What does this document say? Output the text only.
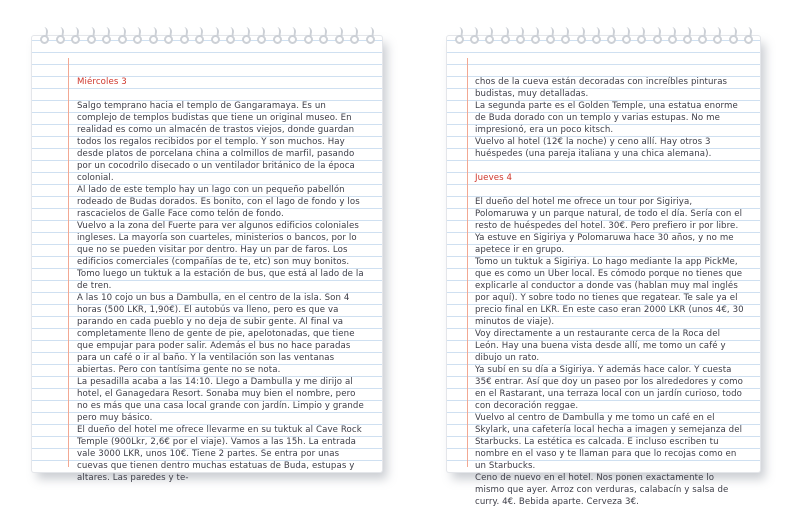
Miércoles 3
Salgo temprano hacia el templo de Gangaramaya. Es un complejo de templos budistas que tiene un original museo. En realidad es como un almacén de trastos viejos, donde guardan todos los regalos recibidos por el templo. Y son muchos. Hay desde platos de porcelana china a colmillos de marfil, pasando por un cocodrilo disecado o un ventilador británico de la época colonial.
Al lado de este templo hay un lago con un pequeño pabellón rodeado de Budas dorados. Es bonito, con el lago de fondo y los rascacielos de Galle Face como telón de fondo.
Vuelvo a la zona del Fuerte para ver algunos edificios coloniales ingleses. La mayoría son cuarteles, ministerios o bancos, por lo que no se pueden visitar por dentro. Hay un par de faros. Los edificios comerciales (compañías de te, etc) son muy bonitos.
Tomo luego un tuktuk a la estación de bus, que está al lado de la de tren.
A las 10 cojo un bus a Dambulla, en el centro de la isla. Son 4 horas (500 LKR, 1,90€). El autobús va lleno, pero es que va parando en cada pueblo y no deja de subir gente. Al final va completamente lleno de gente de pie, apelotonadas, que tiene que empujar para poder salir. Además el bus no hace paradas para un café o ir al baño. Y la ventilación son las ventanas abiertas. Pero con tantísima gente no se nota.
La pesadilla acaba a las 14:10. Llego a Dambulla y me dirijo al hotel, el Ganagedara Resort. Sonaba muy bien el nombre, pero no es más que una casa local grande con jardín. Limpio y grande pero muy básico.
El dueño del hotel me ofrece llevarme en su tuktuk al Cave Rock Temple (900Lkr, 2,6€ por el viaje). Vamos a las 15h. La entrada vale 3000 LKR, unos 10€. Tiene 2 partes. Se entra por unas cuevas que tienen dentro muchas estatuas de Buda, estupas y altares. Las paredes y te-
chos de la cueva están decoradas con increíbles pinturas budistas, muy detalladas.
La segunda parte es el Golden Temple, una estatua enorme de Buda dorado con un templo y varias estupas. No me impresionó, era un poco kitsch.
Vuelvo al hotel (12€ la noche) y ceno allí. Hay otros 3 huéspedes (una pareja italiana y una chica alemana).
Jueves 4
El dueño del hotel me ofrece un tour por Sigiriya, Polomaruwa y un parque natural, de todo el día. Sería con el resto de huéspedes del hotel. 30€. Pero prefiero ir por libre. Ya estuve en Sigiriya y Polomaruwa hace 30 años, y no me apetece ir en grupo.
Tomo un tuktuk a Sigiriya. Lo hago mediante la app PickMe, que es como un Uber local. Es cómodo porque no tienes que explicarle al conductor a donde vas (hablan muy mal inglés por aquí). Y sobre todo no tienes que regatear. Te sale ya el precio final en LKR. En este caso eran 2000 LKR (unos 4€, 30 minutos de viaje).
Voy directamente a un restaurante cerca de la Roca del León. Hay una buena vista desde allí, me tomo un café y dibujo un rato.
Ya subí en su día a Sigiriya. Y además hace calor. Y cuesta 35€ entrar. Así que doy un paseo por los alrededores y como en el Rastarant, una terraza local con un jardín curioso, todo con decoración reggae.
Vuelvo al centro de Dambulla y me tomo un café en el Skylark, una cafetería local hecha a imagen y semejanza del Starbucks. La estética es calcada. E incluso escriben tu nombre en el vaso y te llaman para que lo recojas como en un Starbucks.
Ceno de nuevo en el hotel. Nos ponen exactamente lo mismo que ayer. Arroz con verduras, calabacín y salsa de curry. 4€. Bebida aparte. Cerveza 3€.
